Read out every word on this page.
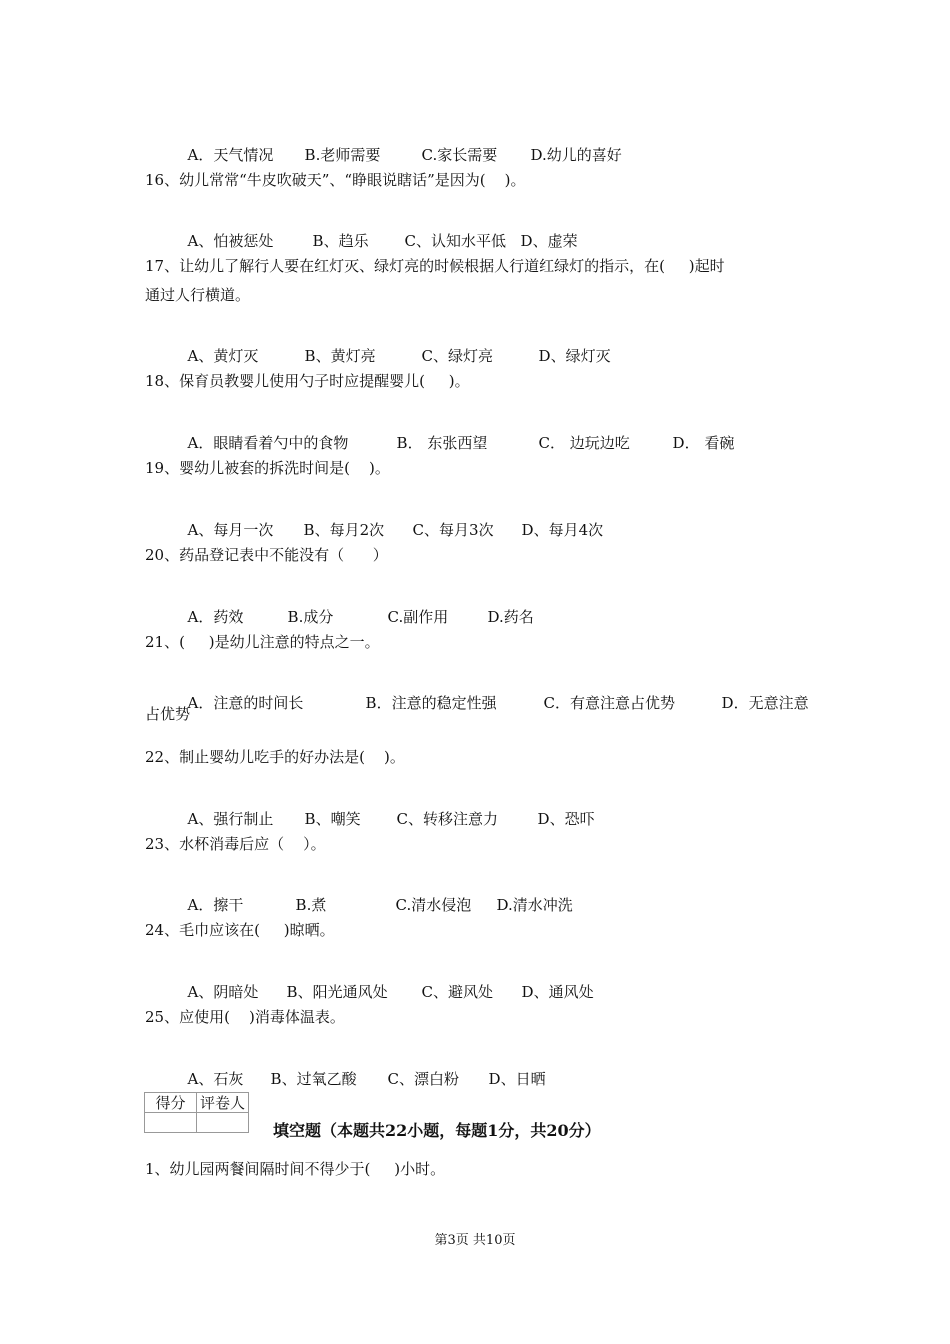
A．天气情况 B.老师需要	C.家长需要 D.幼儿的喜好

16、幼儿常常“牛皮吹破天”、“睁眼说瞎话”是因为(    )。

A、怕被惩处	B、趋乐 C、认知水平低 D、虚荣

17、让幼儿了解行人要在红灯灭、绿灯亮的时候根据人行道红绿灯的指示，在(     )起时
通过人行横道。

A、黄灯灭	B、黄灯亮	C、绿灯亮	D、绿灯灭

18、保育员教婴儿使用勺子时应提醒婴儿(     )。

A．眼睛看着勺中的食物	B． 东张西望	C． 边玩边吃	D． 看碗

19、婴幼儿被套的拆洗时间是(    )。

A、每月一次 B、每月2次 C、每月3次 D、每月4次

20、药品登记表中不能没有（      ）

A．药效	B.成分	C.副作用	D.药名

21、(     )是幼儿注意的特点之一。

A．注意的时间长	B．注意的稳定性强	C．有意注意占优势	D．无意注意

占优势
22、制止婴幼儿吃手的好办法是(    )。

A、强行制止 B、嘲笑 C、转移注意力	D、恐吓

23、水杯消毒后应（    ）。

A．擦干	B.煮	C.清水侵泡 D.清水冲洗

24、毛巾应该在(     )晾晒。

A、阴暗处 B、阳光通风处 C、避风处 D、通风处

25、应使用(    )消毒体温表。

A、石灰 B、过氧乙酸 C、漂白粉 D、日晒

得分	评卷人

填空题（本题共22小题，每题1分，共20分）
1、幼儿园两餐间隔时间不得少于(     )小时。
第3页 共10页
